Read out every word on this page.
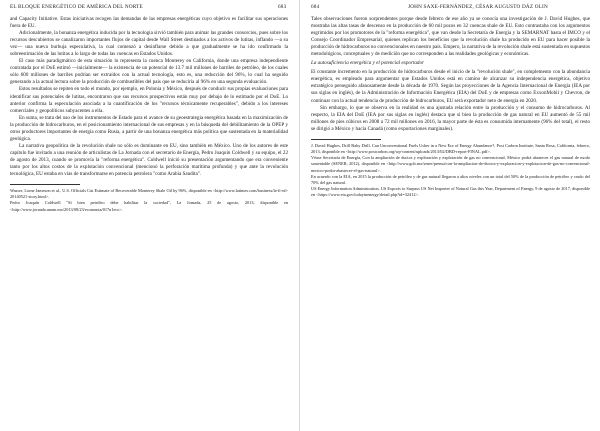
EL BLOQUE ENERGÉTICO DE AMÉRICA DEL NORTE	683

and Capacity Initiative. Estas iniciativas recogen las demandas de las empresas energéticas cuyo objetivo es facilitar sus operaciones fuera de EU.

Adicionalmente, la bonanza energética inducida por la tecnología sirvió también para animar las grandes consorcios, pues sobre los recursos descubiertos se canalizaron importantes flujos de capital desde Wall Street destinados a los activos de lutitas, inflando —a su vez— una nueva burbuja especulativa, la cual comenzó a desinflarse debido a que gradualmente se ha ido confirmado la sobreestimación de las lutitas a lo largo de todas las cuencas en Estados Unidos.

El caso más paradigmático de esta situación lo representa la cuenca Monterey en California, donde una empresa independiente contratada por el DoE estimó —inicialmente— la existencia de un potencial de 13.7 mil millones de barriles de petróleo, de los cuales sólo 600 millones de barriles podrían ser extraídos con la actual tecnología, esto es, una reducción del 96%, lo cual ha seguido generando a la actual lectura sobre la producción de combustibles del país que se reduciría al 96% en una segunda evaluación.

Estos resultados se repiten en todo el mundo, por ejemplo, en Polonia y México, después de conducir sus propias evaluaciones para identificar sus potenciales de lutitas, encontraron que sus recursos prospectivos están muy por debajo de lo estimado por el DoE. Lo anterior confirma la especulación asociada a la cuantificación de los "recursos técnicamente recuperables", debido a los intereses comerciales y geopolíticos subyacentes a ella.

En suma, se trata del uso de los instrumentos de Estado para el avance de su geoestrategia energética basada en la maximización de la producción de hidrocarburos, en el posicionamiento internacional de sus empresas y en la búsqueda del debilitamiento de la OPEP y otros productores importantes de energía como Rusia, a partir de una bonanza energética más política que sustentada en la materialidad geológica.

La narrativa geopolítica de la revolución shale no sólo es dominante en EU, sino también en México. Uno de los autores de este capítulo fue invitado a una reunión de articulistas de La Jornada con el secretario de Energía, Pedro Joaquín Coldwell y su equipo, el 22 de agosto de 2013, cuando se promovía la "reforma energética". Coldwell inició su presentación argumentando que era conveniente tanto por los altos costos de la explotación convencional (mencionó la perforación marítima profunda) y que ante la revolución tecnológica, EU estaba en vías de transformarse en potencia petrolera "como Arabia Saudita".

Wasser, Lorne Jameson et al., U.S. Officials Cut Estimate of Recoverable Monterey Shale Oil by 96%, disponible en <http://www.latimes.com/business/la-fi-oil-20140521-story.html>.

Pedro Joaquín Coldwell "Sí bien petróleo debe habilitar la sociedad", La Jornada, 25 de agosto, 2013, disponible en <http://www.jornada.unam.mx/2013/08/23/economia/017n1eco>.

684	JOHN SAXE-FERNÁNDEZ, CÉSAR AUGUSTO DÁZ OLIN

Tales observaciones fueron sorprendentes porque desde febrero de ese año ya se conocía una investigación de J. David Hughes, que mostraba las altas tasas de descenso en la producción de 60 mil pozos en 32 cuencas shale de EU. Esto contrastaba con los argumentos esgrimidos por los promotores de la "reforma energética", que van desde la Secretaría de Energía y la SEMARNAT hasta el IMCO y el Consejo Coordinador Empresarial, quienes replican los beneficios que la revolución shale ha producido en EU para hacer posible la producción de hidrocarburos no convencionales en nuestro país. Empero, la narrativa de la revolución shale está sustentada en supuestos metodológicos, conceptuales y de medición que no corresponden a las realidades geológicas y económicas.

La autosuficiencia energética y el potencial exportador

El constante incremento en la producción de hidrocarburos desde el inicio de la "revolución shale", en complemento con la abundancia energética, es empleado para argumentar que Estados Unidos está en camino de alcanzar su independencia energética, objetivo estratégico perseguido afanosamente desde la década de 1970. Según las proyecciones de la Agencia Internacional de Energía (IEA por sus siglas en inglés), de la Administración de Información Energética (EIA) del DoE y de empresas como ExxonMobil y Chevron, de continuar con la actual tendencia de producción de hidrocarburos, EU será exportador neto de energía en 2020.

Sin embargo, lo que se observa en la realidad es una ajustada relación entre la producción y el consumo de hidrocarburos. Al respecto, la EIA del DoE (IEA por sus siglas en inglés) destaca que si bien la producción de gas natural en EU aumentó de 55 mil millones de pies cúbicos en 2008 a 72 mil millones en 2016, la mayor parte de ésta es consumida internamente (96% del total), el resto se dirigió a México y hacia Canadá (como exportaciones marginales).

J. David Hughes, Drill Baby Drill, Can Unconventional Fuels Usher in a New Era of Energy Abundance?, Post Carbon Institute, Santa Rosa, California, febrero, 2013, disponible en <http://www.postcarbon.org/wp-content/uploads/2013/02/DBD-report-FINAL.pdf>.

Véase Secretaría de Energía, Con la ampliación de ductos y exploración y explotación de gas no convencional, México podrá abastecer el gas natural de modo sustentable (SENER, 2012), disponible en <http://www.gob.mx/sener/prensa/con-la-ampliacion-de-ductos-y-exploracion-y-explotacion-de-gas-no-convencional-mexico-podra-abastecer-el-gas-natural>.

En acuerdo con la EIA, en 2015 la producción de petróleo y de gas natural llegaron a altos niveles con un total del 50% de la producción de petróleo y crudo del 70% del gas natural.

US Energy Information Administration, US Exports to Surpass US Net Importer of Natural Gas this Year, Department of Energy, 9 de agosto de 2017, disponible en <https://www.eia.gov/todayinenergy/detail.php?id=32412>.
